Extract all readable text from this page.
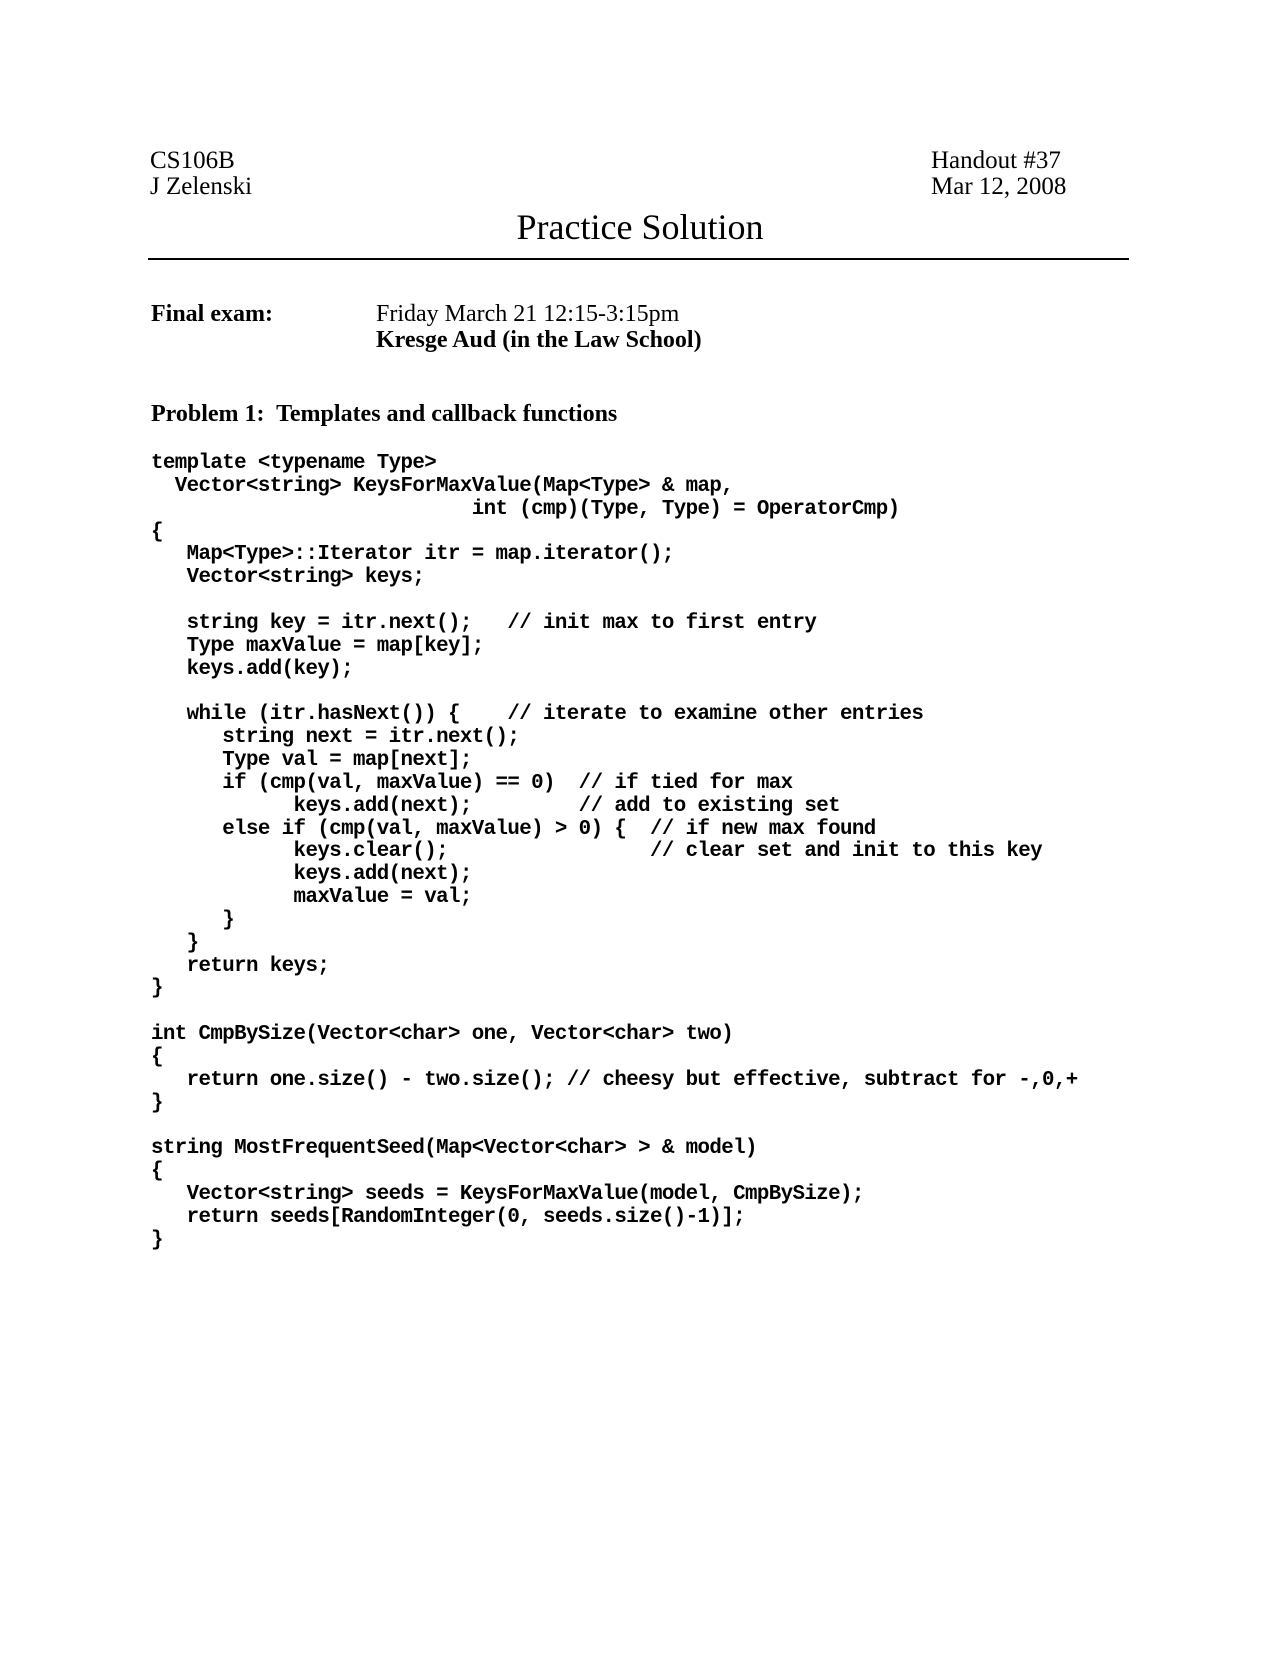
CS106B
J Zelenski
Handout #37
Mar 12, 2008
Practice Solution
Final exam:	Friday March 21 12:15-3:15pm
Kresge Aud (in the Law School)
Problem 1:  Templates and callback functions
template <typename Type>
Vector<string> KeysForMaxValue(Map<Type> & map,
int (cmp)(Type, Type) = OperatorCmp)
{
Map<Type>::Iterator itr = map.iterator();
Vector<string> keys;

string key = itr.next();   // init max to first entry
Type maxValue = map[key];
keys.add(key);

while (itr.hasNext()) {    // iterate to examine other entries
string next = itr.next();
Type val = map[next];
if (cmp(val, maxValue) == 0)  // if tied for max
keys.add(next);         // add to existing set
else if (cmp(val, maxValue) > 0) {  // if new max found
keys.clear();                 // clear set and init to this key
keys.add(next);
maxValue = val;
}
}
return keys;
}

int CmpBySize(Vector<char> one, Vector<char> two)
{
return one.size() - two.size(); // cheesy but effective, subtract for -,0,+
}

string MostFrequentSeed(Map<Vector<char> > & model)
{
Vector<string> seeds = KeysForMaxValue(model, CmpBySize);
return seeds[RandomInteger(0, seeds.size()-1)];
}
